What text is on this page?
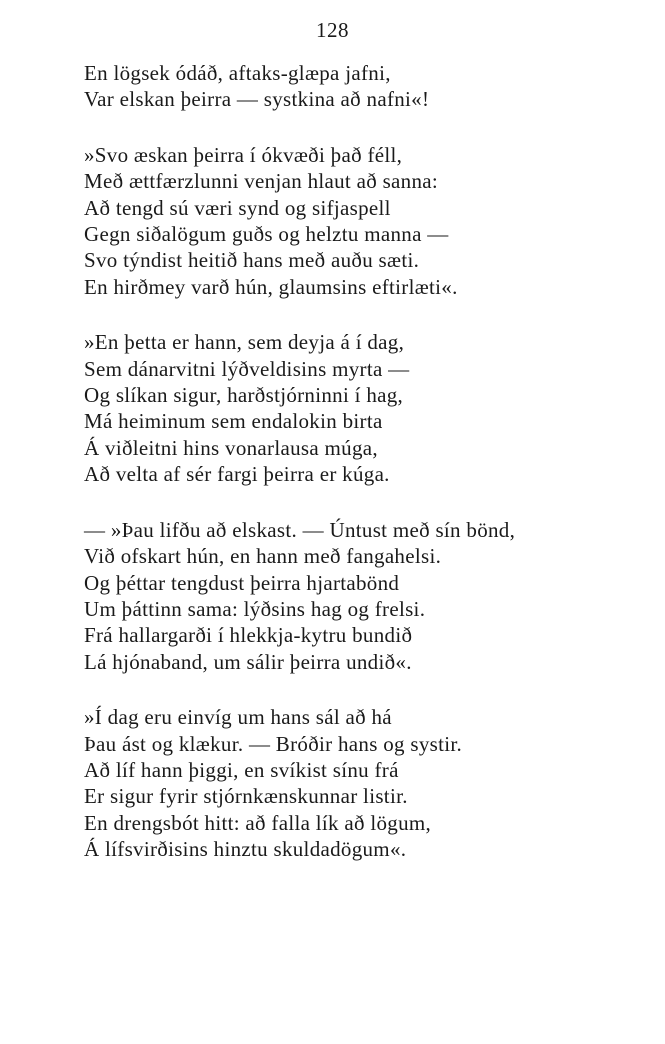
128
En lögsek ódáð, aftaks-glæpa jafni,
Var elskan þeirra — systkina að nafni«!
»Svo æskan þeirra í ókvæði það féll,
Með ættfærzlunni venjan hlaut að sanna:
Að tengd sú væri synd og sifjaspell
Gegn siðalögum guðs og helztu manna —
Svo týndist heitið hans með auðu sæti.
En hirðmey varð hún, glaumsins eftirlæti«.
»En þetta er hann, sem deyja á í dag,
Sem dánarvitni lýðveldisins myrta —
Og slíkan sigur, harðstjórninni í hag,
Má heiminum sem endalokin birta
Á viðleitni hins vonarlausa múga,
Að velta af sér fargi þeirra er kúga.
— »Þau lifðu að elskast. — Úntust með sín bönd,
Við ofskart hún, en hann með fangahelsi.
Og þéttar tengdust þeirra hjartabönd
Um þáttinn sama: lýðsins hag og frelsi.
Frá hallargarði í hlekkja-kytru bundið
Lá hjónaband, um sálir þeirra undið«.
»Í dag eru einvíg um hans sál að há
Þau ást og klækur. — Bróðir hans og systir.
Að líf hann þiggi, en svíkist sínu frá
Er sigur fyrir stjórnkænskunnar listir.
En drengsbót hitt: að falla lík að lögum,
Á lífsvirðisins hinztu skuldadögum«.
